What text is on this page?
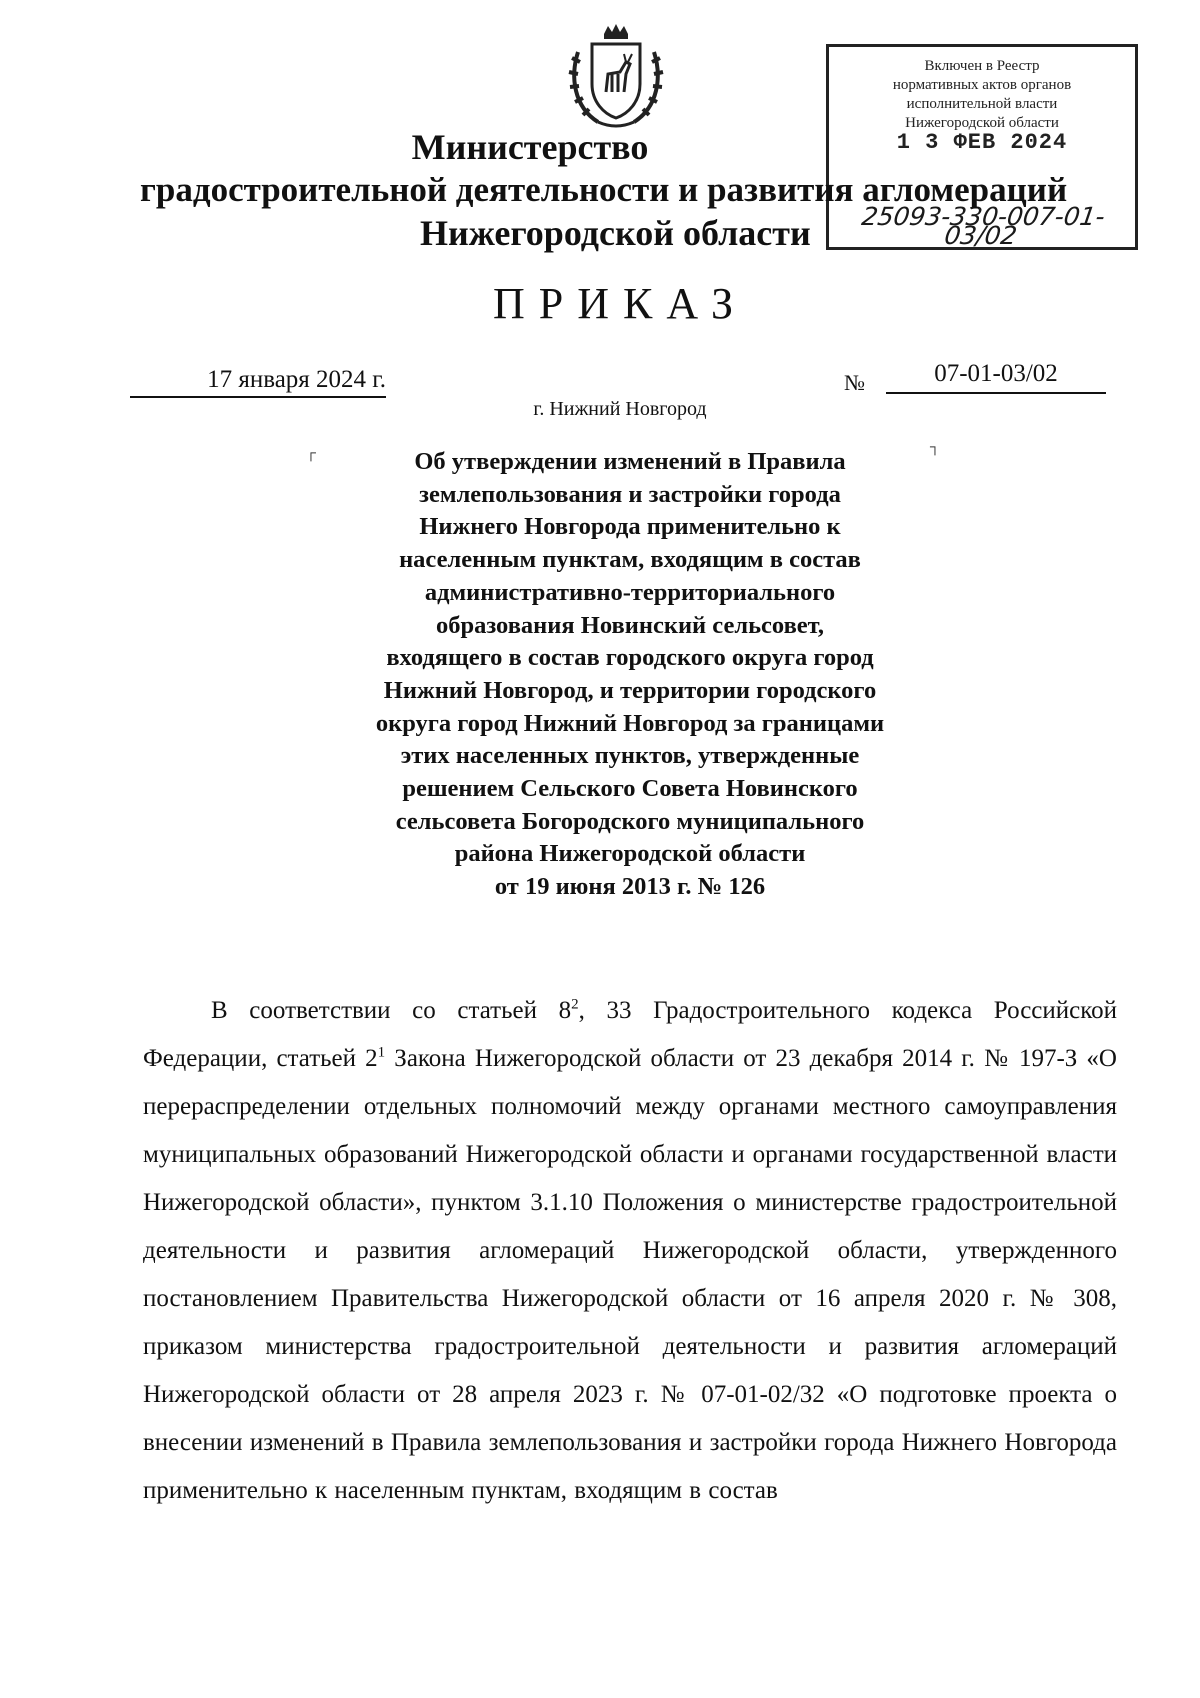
Включен в Реестр
нормативных актов органов
исполнительной власти
Нижегородской области
1 3 ФЕВ 2024
25093-330-007-01-03/02
Министерство
градостроительной деятельности и развития агломераций
Нижегородской области
ПРИКАЗ
17 января 2024 г.	№	07-01-03/02
г. Нижний Новгород
┌	┐
Об утверждении изменений в Правила
землепользования и застройки города
Нижнего Новгорода применительно к
населенным пунктам, входящим в состав
административно-территориального
образования Новинский сельсовет,
входящего в состав городского округа город
Нижний Новгород, и территории городского
округа город Нижний Новгород за границами
этих населенных пунктов, утвержденные
решением Сельского Совета Новинского
сельсовета Богородского муниципального
района Нижегородской области
от 19 июня 2013 г. № 126

В соответствии со статьей $8^2$, 33 Градостроительного кодекса Российской Федерации, статьей $2^1$ Закона Нижегородской области от 23 декабря 2014 г. № 197-З «О перераспределении отдельных полномочий между органами местного самоуправления муниципальных образований Нижегородской области и органами государственной власти Нижегородской области», пунктом 3.1.10 Положения о министерстве градостроительной деятельности и развития агломераций Нижегородской области, утвержденного постановлением Правительства Нижегородской области от 16 апреля 2020 г. № 308, приказом министерства градостроительной деятельности и развития агломераций Нижегородской области от 28 апреля 2023 г. № 07-01-02/32 «О подготовке проекта о внесении изменений в Правила землепользования и застройки города Нижнего Новгорода применительно к населенным пунктам, входящим в состав
